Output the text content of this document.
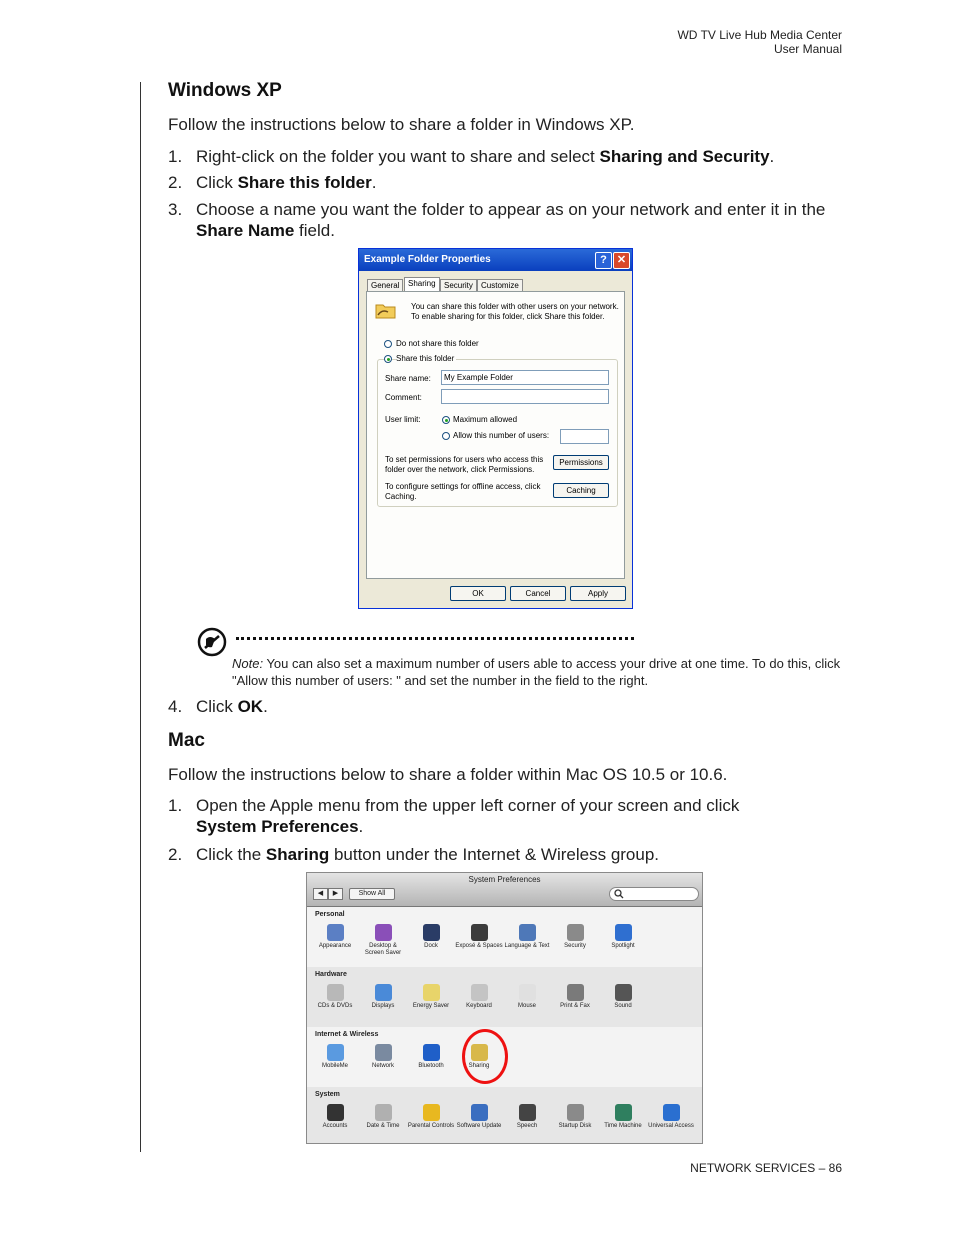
WD TV Live Hub Media Center
User Manual
Windows XP
Follow the instructions below to share a folder in Windows XP.
1. Right-click on the folder you want to share and select Sharing and Security.
2. Click Share this folder.
3. Choose a name you want the folder to appear as on your network and enter it in the Share Name field.
Example Folder Properties	? ✕
General	Sharing	Security	Customize
You can share this folder with other users on your network. To enable sharing for this folder, click Share this folder.
Do not share this folder
Share this folder
Share name:	My Example Folder
Comment:
User limit:	Maximum allowed
Allow this number of users:
To set permissions for users who access this folder over the network, click Permissions.
Permissions
To configure settings for offline access, click Caching.
Caching
OK	Cancel	Apply
Note: You can also set a maximum number of users able to access your drive at one time. To do this, click "Allow this number of users: " and set the number in the field to the right.
4. Click OK.
Mac
Follow the instructions below to share a folder within Mac OS 10.5 or 10.6.
1. Open the Apple menu from the upper left corner of your screen and click System Preferences.
2. Click the Sharing button under the Internet & Wireless group.
System Preferences
◀	▶	Show All
Personal
Appearance	Desktop & Screen Saver
Dock	Exposé & Spaces Language & Text	Security	Spotlight
Hardware
CDs & DVDs	Displays	Energy Saver	Keyboard	Mouse	Print & Fax	Sound
Internet & Wireless
MobileMe	Network	Bluetooth	Sharing
System
Accounts	Date & Time	Parental Controls Software Update	Speech	Startup Disk	Time Machine	Universal Access
NETWORK SERVICES – 86
